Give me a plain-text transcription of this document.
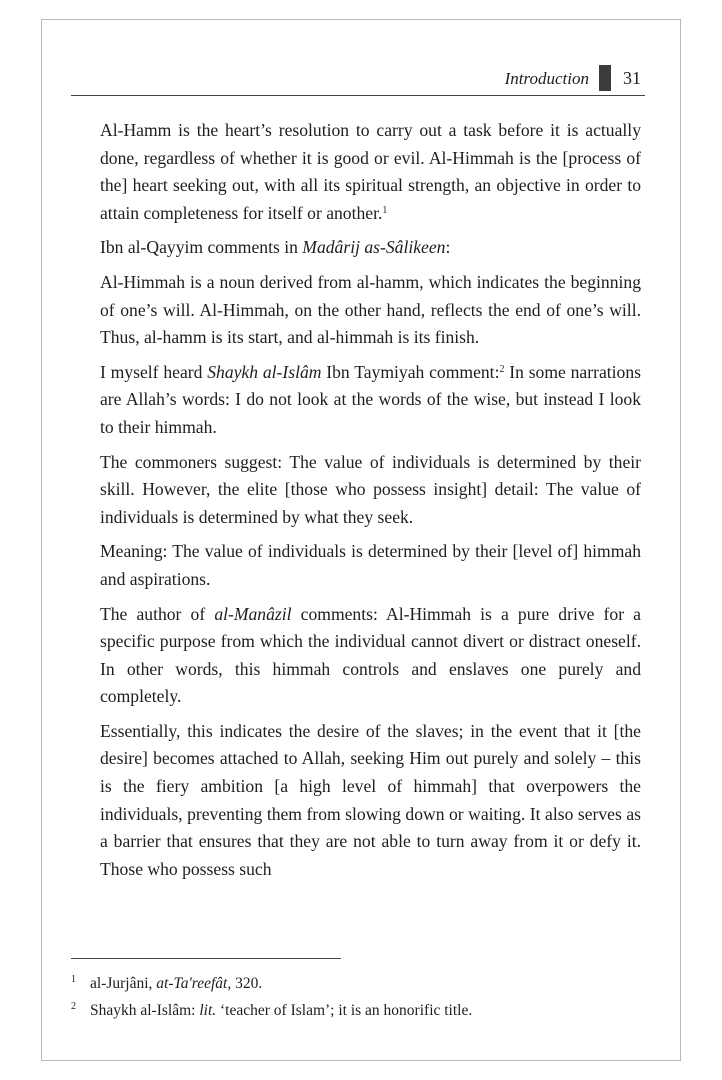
Introduction 31

Al-Hamm is the heart’s resolution to carry out a task before it is actually done, regardless of whether it is good or evil. Al-Himmah is the [process of the] heart seeking out, with all its spiritual strength, an objective in order to attain completeness for itself or another.$^1$

Ibn al-Qayyim comments in Madârij as-Sâlikeen:

Al-Himmah is a noun derived from al-hamm, which indicates the beginning of one’s will. Al-Himmah, on the other hand, reflects the end of one’s will. Thus, al-hamm is its start, and al-himmah is its finish.

I myself heard Shaykh al-Islâm Ibn Taymiyah comment:$^2$ In some narrations are Allah’s words: I do not look at the words of the wise, but instead I look to their himmah.

The commoners suggest: The value of individuals is determined by their skill. However, the elite [those who possess insight] detail: The value of individuals is determined by what they seek.

Meaning: The value of individuals is determined by their [level of] himmah and aspirations.

The author of al-Manâzil comments: Al-Himmah is a pure drive for a specific purpose from which the individual cannot divert or distract oneself. In other words, this himmah controls and enslaves one purely and completely.

Essentially, this indicates the desire of the slaves; in the event that it [the desire] becomes attached to Allah, seeking Him out purely and solely – this is the fiery ambition [a high level of himmah] that overpowers the individuals, preventing them from slowing down or waiting. It also serves as a barrier that ensures that they are not able to turn away from it or defy it. Those who possess such

1 al-Jurjâni, at-Ta'reefât, 320.
2 Shaykh al-Islâm: lit. ‘teacher of Islam’; it is an honorific title.
